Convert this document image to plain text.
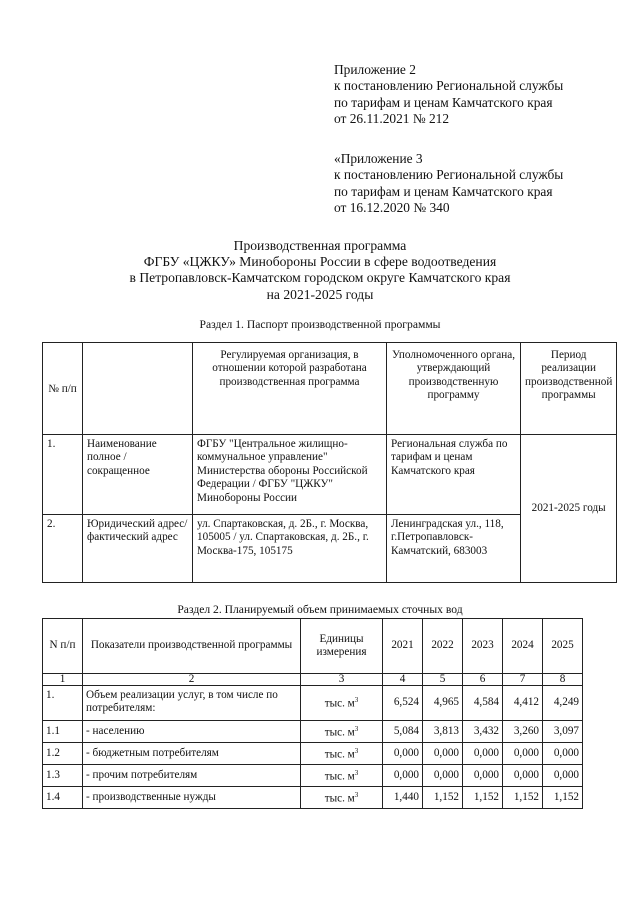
Приложение 2
к постановлению Региональной службы
по тарифам и ценам Камчатского края
от 26.11.2021 № 212
«Приложение 3
к постановлению Региональной службы
по тарифам и ценам Камчатского края
от 16.12.2020 № 340
Производственная программа
ФГБУ «ЦЖКУ» Минобороны России в сфере водоотведения
в Петропавловск-Камчатском городском округе Камчатского края
на 2021-2025 годы
Раздел 1. Паспорт производственной программы
№ п/п		Регулируемая организация, в отношении которой разработана производственная программа	Уполномоченного органа, утверждающий производственную программу	Период реализации производственной программы
1.	Наименование полное / сокращенное	ФГБУ "Центральное жилищно-коммунальное управление" Министерства обороны Российской Федерации / ФГБУ "ЦЖКУ" Минобороны России	Региональная служба по тарифам и ценам Камчатского края	2021-2025 годы
2.	Юридический адрес/ фактический адрес	ул. Спартаковская, д. 2Б., г. Москва, 105005 / ул. Спартаковская, д. 2Б., г. Москва-175, 105175	Ленинградская ул., 118, г.Петропавловск-Камчатский, 683003	
Раздел 2. Планируемый объем принимаемых сточных вод
N п/п	Показатели производственной программы	Единицы измерения	2021	2022	2023	2024	2025
1	2	3	4	5	6	7	8
1.	Объем реализации услуг, в том числе по потребителям:	тыс. $м^3$	6,524	4,965	4,584	4,412	4,249
1.1	- населению	тыс. $м^3$	5,084	3,813	3,432	3,260	3,097
1.2	- бюджетным потребителям	тыс. $м^3$	0,000	0,000	0,000	0,000	0,000
1.3	- прочим потребителям	тыс. $м^3$	0,000	0,000	0,000	0,000	0,000
1.4	- производственные нужды	тыс. $м^3$	1,440	1,152	1,152	1,152	1,152
